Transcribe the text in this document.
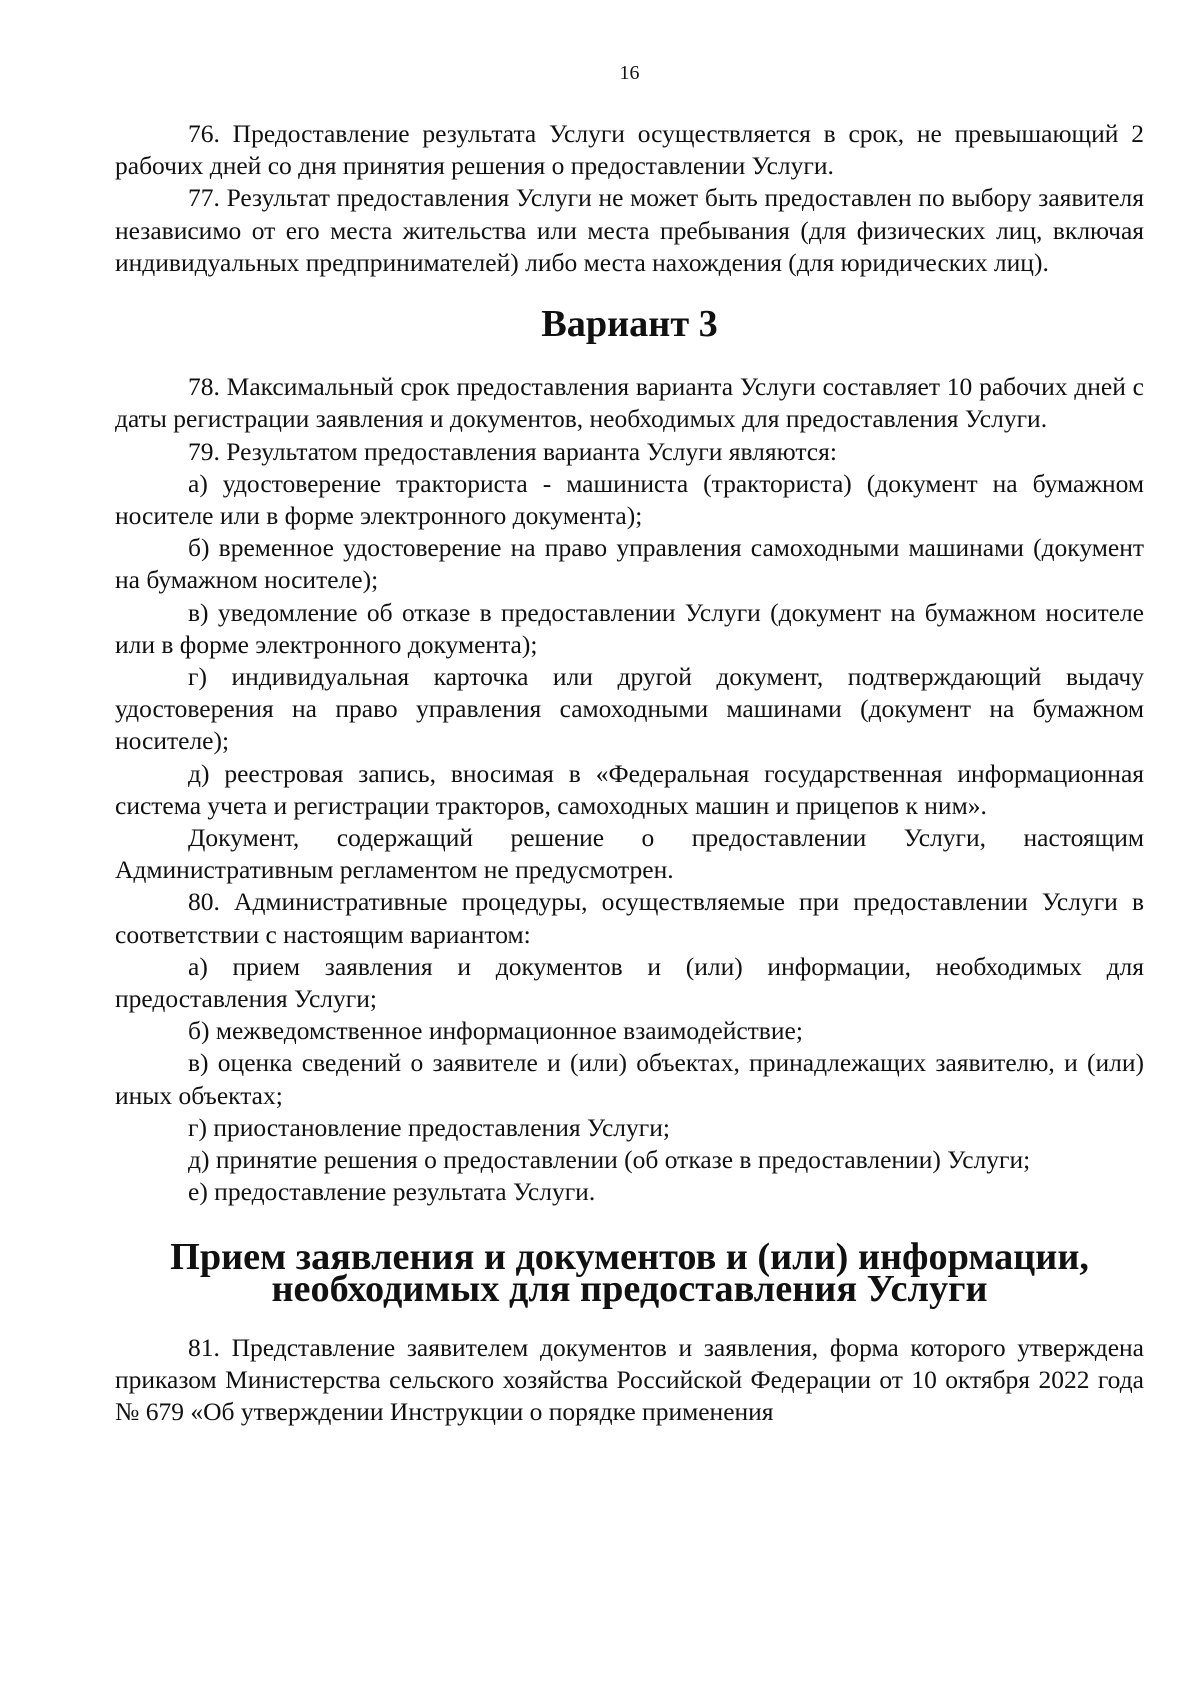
16

76. Предоставление результата Услуги осуществляется в срок, не превышающий 2 рабочих дней со дня принятия решения о предоставлении Услуги.

77. Результат предоставления Услуги не может быть предоставлен по выбору заявителя независимо от его места жительства или места пребывания (для физических лиц, включая индивидуальных предпринимателей) либо места нахождения (для юридических лиц).

Вариант 3

78. Максимальный срок предоставления варианта Услуги составляет 10 рабочих дней с даты регистрации заявления и документов, необходимых для предоставления Услуги.

79. Результатом предоставления варианта Услуги являются:

а) удостоверение тракториста - машиниста (тракториста) (документ на бумажном носителе или в форме электронного документа);

б) временное удостоверение на право управления самоходными машинами (документ на бумажном носителе);

в) уведомление об отказе в предоставлении Услуги (документ на бумажном носителе или в форме электронного документа);

г) индивидуальная карточка или другой документ, подтверждающий выдачу удостоверения на право управления самоходными машинами (документ на бумажном носителе);

д) реестровая запись, вносимая в «Федеральная государственная информационная система учета и регистрации тракторов, самоходных машин и прицепов к ним».

Документ, содержащий решение о предоставлении Услуги, настоящим Административным регламентом не предусмотрен.

80. Административные процедуры, осуществляемые при предоставлении Услуги в соответствии с настоящим вариантом:

а) прием заявления и документов и (или) информации, необходимых для предоставления Услуги;

б) межведомственное информационное взаимодействие;

в) оценка сведений о заявителе и (или) объектах, принадлежащих заявителю, и (или) иных объектах;

г) приостановление предоставления Услуги;

д) принятие решения о предоставлении (об отказе в предоставлении) Услуги;

е) предоставление результата Услуги.

Прием заявления и документов и (или) информации, необходимых для предоставления Услуги

81. Представление заявителем документов и заявления, форма которого утверждена приказом Министерства сельского хозяйства Российской Федерации от 10 октября 2022 года № 679 «Об утверждении Инструкции о порядке применения
